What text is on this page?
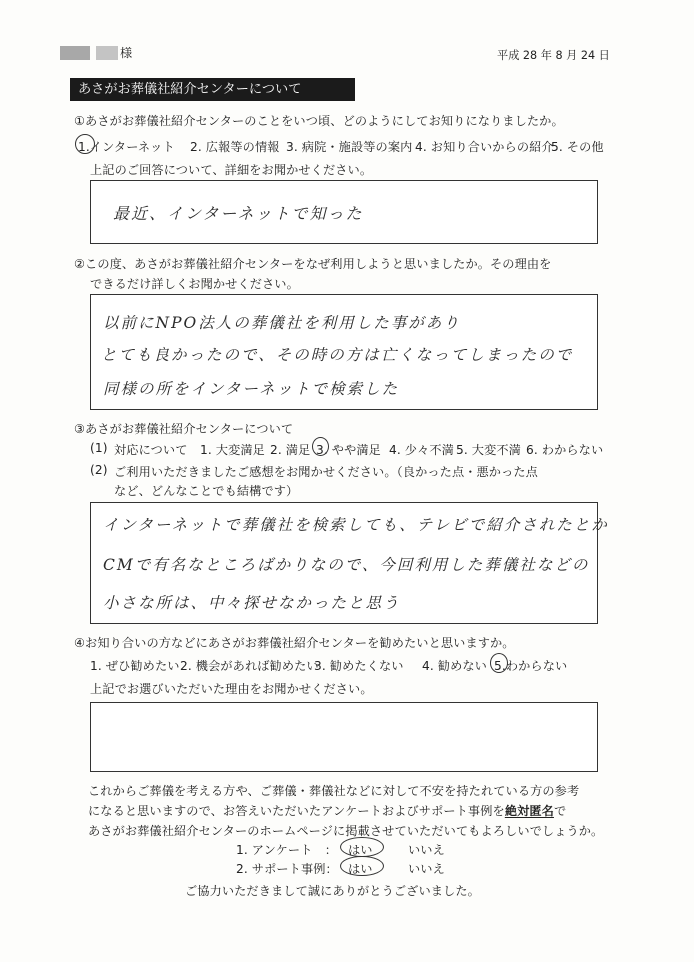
様	平成 28 年 8 月 24 日
あさがお葬儀社紹介センターについて
①あさがお葬儀社紹介センターのことをいつ頃、どのようにしてお知りになりましたか。
1.インターネット 2. 広報等の情報 3. 病院・施設等の案内 4. お知り合いからの紹介
5. その他
上記のご回答について、詳細をお聞かせください。
最近、インターネットで知った
②この度、あさがお葬儀社紹介センターをなぜ利用しようと思いましたか。その理由を
できるだけ詳しくお聞かせください。
以前にNPO法人の葬儀社を利用した事があり
とても良かったので、その時の方は亡くなってしまったので
同様の所をインターネットで検索した
③あさがお葬儀社紹介センターについて
(1) 対応について 1. 大変満足 2. 満足 3. やや満足 4. 少々不満 5. 大変不満 6. わからない
(2) ご利用いただきましたご感想をお聞かせください。（良かった点・悪かった点
など、どんなことでも結構です）
インターネットで葬儀社を検索しても、テレビで紹介されたとか
CMで有名なところばかりなので、今回利用した葬儀社などの
小さな所は、中々探せなかったと思う
④お知り合いの方などにあさがお葬儀社紹介センターを勧めたいと思いますか。
1. ぜひ勧めたい 2. 機会があれば勧めたい
3. 勧めたくない 4. 勧めない 5.わからない
上記でお選びいただいた理由をお聞かせください。
これからご葬儀を考える方や、ご葬儀・葬儀社などに対して不安を持たれている方の参考
になると思いますので、お答えいただいたアンケートおよびサポート事例を絶対匿名で
あさがお葬儀社紹介センターのホームページに掲載させていただいてもよろしいでしょうか。
1. アンケート　： はい	いいえ
2. サポート事例： はい	いいえ
ご協力いただきまして誠にありがとうございました。
